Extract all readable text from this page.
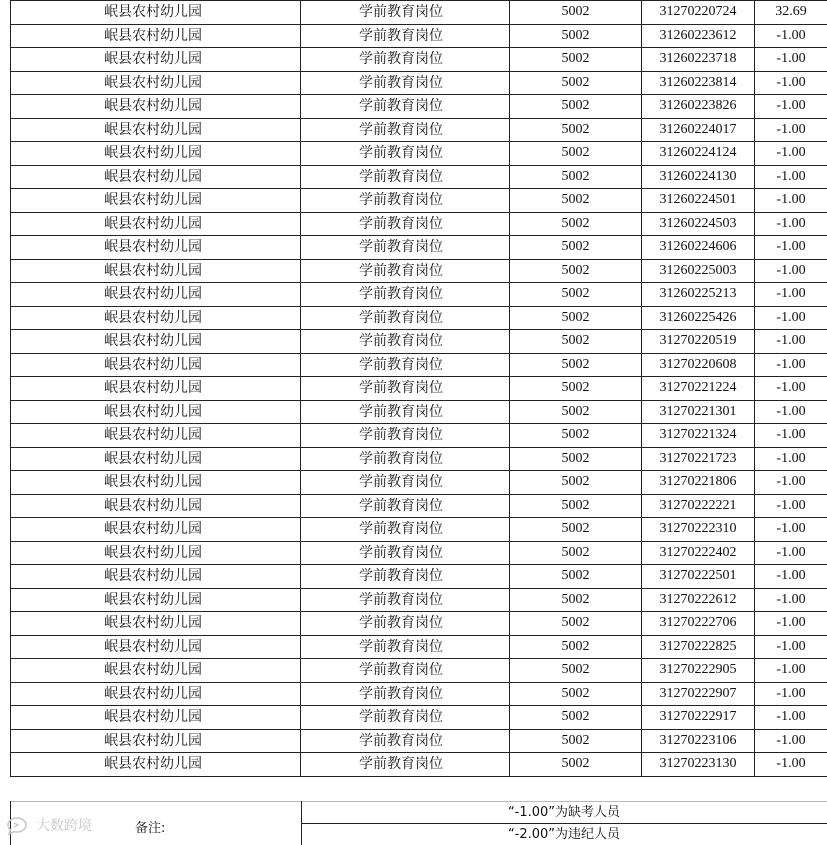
岷县农村幼儿园	学前教育岗位	5002	31270220724	32.69
岷县农村幼儿园	学前教育岗位	5002	31260223612	-1.00
岷县农村幼儿园	学前教育岗位	5002	31260223718	-1.00
岷县农村幼儿园	学前教育岗位	5002	31260223814	-1.00
岷县农村幼儿园	学前教育岗位	5002	31260223826	-1.00
岷县农村幼儿园	学前教育岗位	5002	31260224017	-1.00
岷县农村幼儿园	学前教育岗位	5002	31260224124	-1.00
岷县农村幼儿园	学前教育岗位	5002	31260224130	-1.00
岷县农村幼儿园	学前教育岗位	5002	31260224501	-1.00
岷县农村幼儿园	学前教育岗位	5002	31260224503	-1.00
岷县农村幼儿园	学前教育岗位	5002	31260224606	-1.00
岷县农村幼儿园	学前教育岗位	5002	31260225003	-1.00
岷县农村幼儿园	学前教育岗位	5002	31260225213	-1.00
岷县农村幼儿园	学前教育岗位	5002	31260225426	-1.00
岷县农村幼儿园	学前教育岗位	5002	31270220519	-1.00
岷县农村幼儿园	学前教育岗位	5002	31270220608	-1.00
岷县农村幼儿园	学前教育岗位	5002	31270221224	-1.00
岷县农村幼儿园	学前教育岗位	5002	31270221301	-1.00
岷县农村幼儿园	学前教育岗位	5002	31270221324	-1.00
岷县农村幼儿园	学前教育岗位	5002	31270221723	-1.00
岷县农村幼儿园	学前教育岗位	5002	31270221806	-1.00
岷县农村幼儿园	学前教育岗位	5002	31270222221	-1.00
岷县农村幼儿园	学前教育岗位	5002	31270222310	-1.00
岷县农村幼儿园	学前教育岗位	5002	31270222402	-1.00
岷县农村幼儿园	学前教育岗位	5002	31270222501	-1.00
岷县农村幼儿园	学前教育岗位	5002	31270222612	-1.00
岷县农村幼儿园	学前教育岗位	5002	31270222706	-1.00
岷县农村幼儿园	学前教育岗位	5002	31270222825	-1.00
岷县农村幼儿园	学前教育岗位	5002	31270222905	-1.00
岷县农村幼儿园	学前教育岗位	5002	31270222907	-1.00
岷县农村幼儿园	学前教育岗位	5002	31270222917	-1.00
岷县农村幼儿园	学前教育岗位	5002	31270223106	-1.00
岷县农村幼儿园	学前教育岗位	5002	31270223130	-1.00
备注:
“-1.00”为缺考人员
“-2.00”为违纪人员
大数跨境
